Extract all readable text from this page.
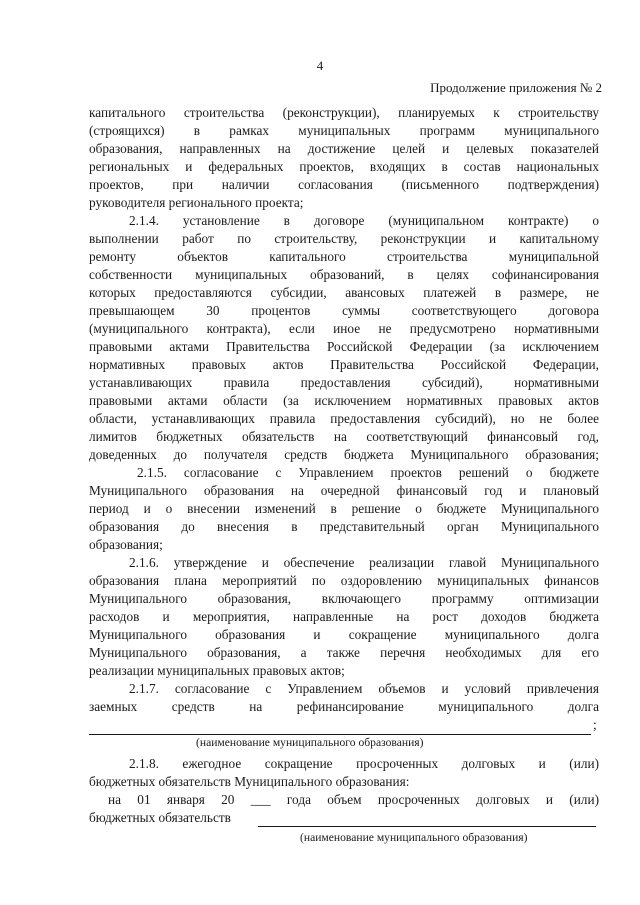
4
Продолжение приложения № 2
капитального строительства (реконструкции), планируемых к строительству
(строящихся) в рамках муниципальных программ муниципального
образования, направленных на достижение целей и целевых показателей
региональных и федеральных проектов, входящих в состав национальных
проектов, при наличии согласования (письменного подтверждения)
руководителя регионального проекта;
2.1.4. установление в договоре (муниципальном контракте) о
выполнении работ по строительству, реконструкции и капитальному
ремонту объектов капитального строительства муниципальной
собственности муниципальных образований, в целях софинансирования
которых предоставляются субсидии, авансовых платежей в размере, не
превышающем 30 процентов суммы соответствующего договора
(муниципального контракта), если иное не предусмотрено нормативными
правовыми актами Правительства Российской Федерации (за исключением
нормативных правовых актов Правительства Российской Федерации,
устанавливающих правила предоставления субсидий), нормативными
правовыми актами области (за исключением нормативных правовых актов
области, устанавливающих правила предоставления субсидий), но не более
лимитов бюджетных обязательств на соответствующий финансовый год,
доведенных до получателя средств бюджета Муниципального образования;
2.1.5. согласование с Управлением проектов решений о бюджете
Муниципального образования на очередной финансовый год и плановый
период и о внесении изменений в решение о бюджете Муниципального
образования до внесения в представительный орган Муниципального
образования;
2.1.6. утверждение и обеспечение реализации главой Муниципального
образования плана мероприятий по оздоровлению муниципальных финансов
Муниципального образования, включающего программу оптимизации
расходов и мероприятия, направленные на рост доходов бюджета
Муниципального образования и сокращение муниципального долга
Муниципального образования, а также перечня необходимых для его
реализации муниципальных правовых актов;
2.1.7. согласование с Управлением объемов и условий привлечения
заемных средств на рефинансирование муниципального долга
;
(наименование муниципального образования)
2.1.8. ежегодное сокращение просроченных долговых и (или)
бюджетных обязательств Муниципального образования:
на 01 января 20 ___ года объем просроченных долговых и (или)
бюджетных обязательств
(наименование муниципального образования)
